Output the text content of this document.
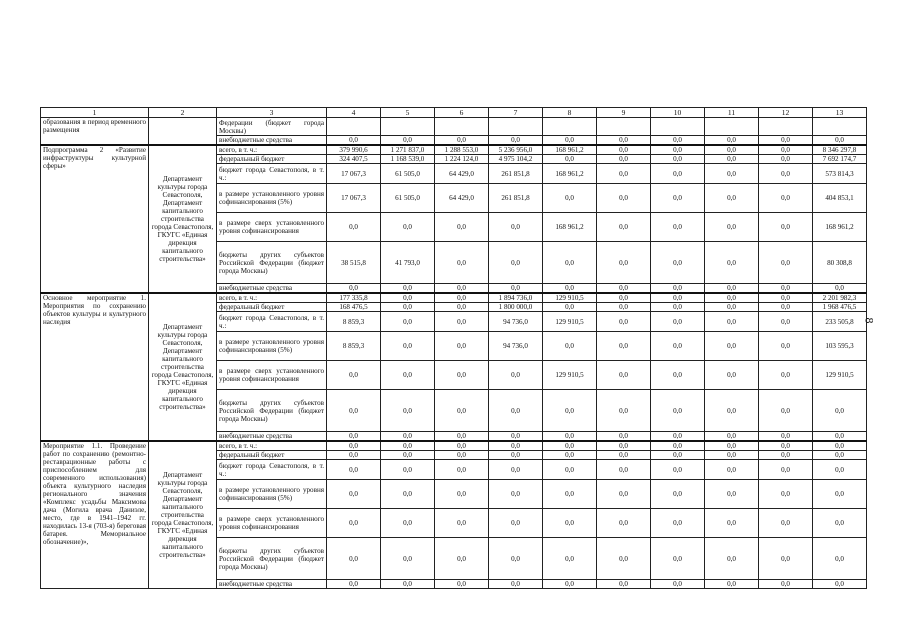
8
1	2	3	4	5	6	7	8	9	10	11	12	13
образования в период временного размещения		Федерации (бюджет города Москвы)										
		внебюджетные средства	0,0	0,0	0,0	0,0	0,0	0,0	0,0	0,0	0,0	0,0
Подпрограмма 2 «Развитие инфраструктуры культурной сферы»	Департамент культуры города Севастополя, Департамент капитального строительства города Севастополя, ГКУГС «Единая дирекция капитального строительства»	всего, в т. ч.:	379 990,6	1 271 837,0	1 288 553,0	5 236 956,0	168 961,2	0,0	0,0	0,0	0,0	8 346 297,8
		федеральный бюджет	324 407,5	1 168 539,0	1 224 124,0	4 975 104,2	0,0	0,0	0,0	0,0	0,0	7 692 174,7
		бюджет города Севастополя, в т. ч.:	17 067,3	61 505,0	64 429,0	261 851,8	168 961,2	0,0	0,0	0,0	0,0	573 814,3
		в размере установленного уровня софинансирования (5%)	17 067,3	61 505,0	64 429,0	261 851,8	0,0	0,0	0,0	0,0	0,0	404 853,1
		в размере сверх установленного уровня софинансирования	0,0	0,0	0,0	0,0	168 961,2	0,0	0,0	0,0	0,0	168 961,2
		бюджеты других субъектов Российской Федерации (бюджет города Москвы)	38 515,8	41 793,0	0,0	0,0	0,0	0,0	0,0	0,0	0,0	80 308,8
		внебюджетные средства	0,0	0,0	0,0	0,0	0,0	0,0	0,0	0,0	0,0	0,0
Основное мероприятие 1. Мероприятия по сохранению объектов культуры и культурного наследия	Департамент культуры города Севастополя, Департамент капитального строительства города Севастополя, ГКУГС «Единая дирекция капитального строительства»	всего, в т. ч.:	177 335,8	0,0	0,0	1 894 736,0	129 910,5	0,0	0,0	0,0	0,0	2 201 982,3
		федеральный бюджет	168 476,5	0,0	0,0	1 800 000,0	0,0	0,0	0,0	0,0	0,0	1 968 476,5
		бюджет города Севастополя, в т. ч.:	8 859,3	0,0	0,0	94 736,0	129 910,5	0,0	0,0	0,0	0,0	233 505,8
		в размере установленного уровня софинансирования (5%)	8 859,3	0,0	0,0	94 736,0	0,0	0,0	0,0	0,0	0,0	103 595,3
		в размере сверх установленного уровня софинансирования	0,0	0,0	0,0	0,0	129 910,5	0,0	0,0	0,0	0,0	129 910,5
		бюджеты других субъектов Российской Федерации (бюджет города Москвы)	0,0	0,0	0,0	0,0	0,0	0,0	0,0	0,0	0,0	0,0
		внебюджетные средства	0,0	0,0	0,0	0,0	0,0	0,0	0,0	0,0	0,0	0,0
Мероприятие 1.1. Проведение работ по сохранению (ремонтно-реставрационные работы с приспособлением для современного использования) объекта культурного наследия регионального значения «Комплекс усадьбы Максимова дача (Могила врача Даниэле, место, где в 1941–1942 гг. находилась 13-я (703-я) береговая батарея. Мемориальное обозначение)»,	Департамент культуры города Севастополя, Департамент капитального строительства города Севастополя, ГКУГС «Единая дирекция капитального строительства»	всего, в т. ч.:	0,0	0,0	0,0	0,0	0,0	0,0	0,0	0,0	0,0	0,0
		федеральный бюджет	0,0	0,0	0,0	0,0	0,0	0,0	0,0	0,0	0,0	0,0
		бюджет города Севастополя, в т. ч.:	0,0	0,0	0,0	0,0	0,0	0,0	0,0	0,0	0,0	0,0
		в размере установленного уровня софинансирования (5%)	0,0	0,0	0,0	0,0	0,0	0,0	0,0	0,0	0,0	0,0
		в размере сверх установленного уровня софинансирования	0,0	0,0	0,0	0,0	0,0	0,0	0,0	0,0	0,0	0,0
		бюджеты других субъектов Российской Федерации (бюджет города Москвы)	0,0	0,0	0,0	0,0	0,0	0,0	0,0	0,0	0,0	0,0
		внебюджетные средства	0,0	0,0	0,0	0,0	0,0	0,0	0,0	0,0	0,0	0,0
